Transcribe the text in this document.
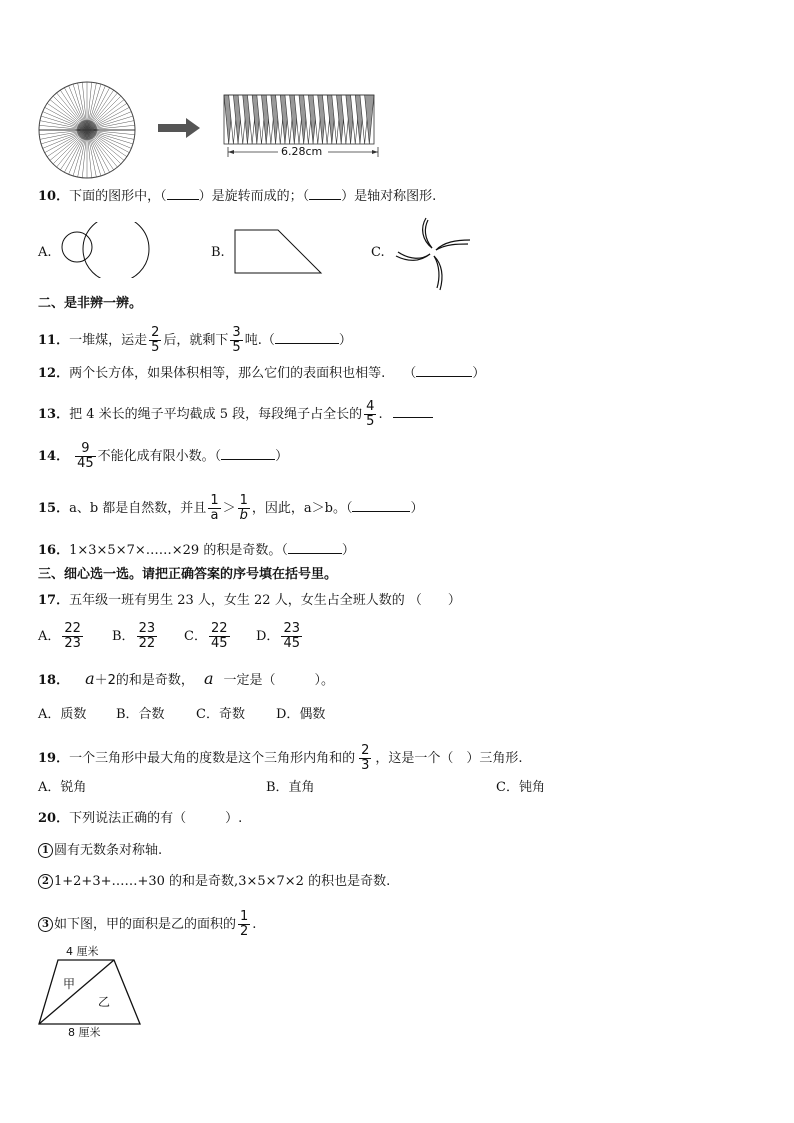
6.28cm
10．下面的图形中，（ ）是旋转而成的；（ ）是轴对称图形.
A.	B.	C.
二、是非辨一辨。
11．一堆煤，运走 $\frac{2}{5}$ 后，就剩下 $\frac{3}{5}$ 吨.（	）
12．两个长方体，如果体积相等，那么它们的表面积也相等. （	）
13．把 4 米长的绳子平均截成 5 段，每段绳子占全长的 $\frac{4}{5}$ .
14． $\frac{9}{45}$ 不能化成有限小数。（	）
15．a、b 都是自然数，并且 $\frac{1}{a} > \frac{1}{b}$ ，因此，a＞b。（	）
16．1×3×5×7×……×29 的积是奇数。（	）
三、细心选一选。请把正确答案的序号填在括号里。
17．五年级一班有男生 23 人，女生 22 人，女生占全班人数的 （　　）
A． $\frac{22}{23}$ B． $\frac{23}{22}$ C． $\frac{22}{45}$ D． $\frac{23}{45}$
18． a＋2的和是奇数， a 一定是（　　　）。
A．质数 B．合数 C．奇数 D．偶数
19．一个三角形中最大角的度数是这个三角形内角和的 $\frac{2}{3}$ ，这是一个（　）三角形.
A．锐角	B．直角	C．钝角
20．下列说法正确的有（　　　）.
1 圆有无数条对称轴.
2 1+2+3+……+30 的和是奇数,3×5×7×2 的积也是奇数.
3 如下图，甲的面积是乙的面积的 $\frac{1}{2}$ .
4 厘米
甲
乙
8 厘米
